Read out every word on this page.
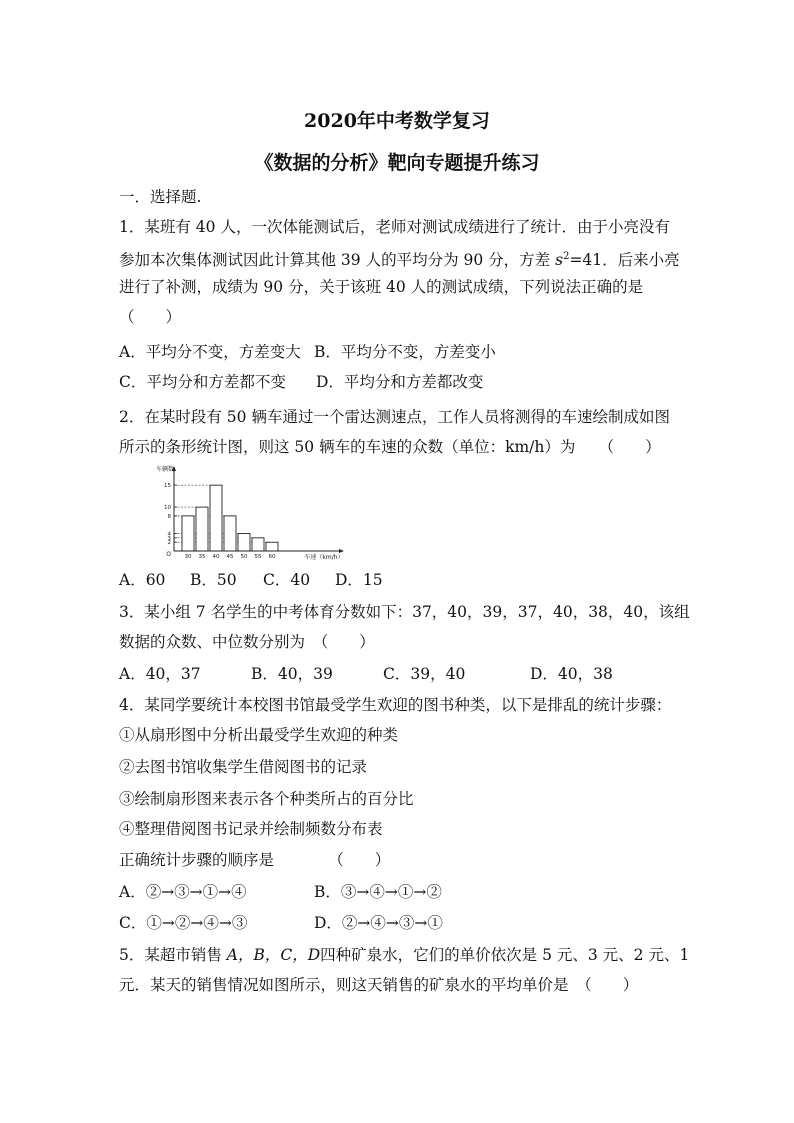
2020年中考数学复习
《数据的分析》靶向专题提升练习
一．选择题.
1．某班有 40 人，一次体能测试后，老师对测试成绩进行了统计．由于小亮没有
参加本次集体测试因此计算其他 39 人的平均分为 90 分，方差 $s^2=41$．后来小亮
进行了补测，成绩为 90 分，关于该班 40 人的测试成绩，下列说法正确的是
（　　）
A．平均分不变，方差变大 B．平均分不变，方差变小
C．平均分和方差都不变 D．平均分和方差都改变
2．在某时段有 50 辆车通过一个雷达测速点，工作人员将测得的车速绘制成如图
所示的条形统计图，则这 50 辆车的车速的众数（单位：km/h）为　　（　　）
2
3
4
8
10
15
30 35 40 45 50 55 60
车辆数
车速（km/h）
O
A．60 B．50 C．40 D．15
3．某小组 7 名学生的中考体育分数如下：37，40，39，37，40，38，40，该组
数据的众数、中位数分别为　（　　）
A．40，37	B．40，39	C．39，40	D．40，38
4．某同学要统计本校图书馆最受学生欢迎的图书种类，以下是排乱的统计步骤：
①从扇形图中分析出最受学生欢迎的种类
②去图书馆收集学生借阅图书的记录
③绘制扇形图来表示各个种类所占的百分比
④整理借阅图书记录并绘制频数分布表
正确统计步骤的顺序是　　　　（　　）
A．②→③→①→④	B．③→④→①→②
C．①→②→④→③	D．②→④→③→①
5．某超市销售 A，B，C，D四种矿泉水，它们的单价依次是 5 元、3 元、2 元、1
元．某天的销售情况如图所示，则这天销售的矿泉水的平均单价是　（　　）
